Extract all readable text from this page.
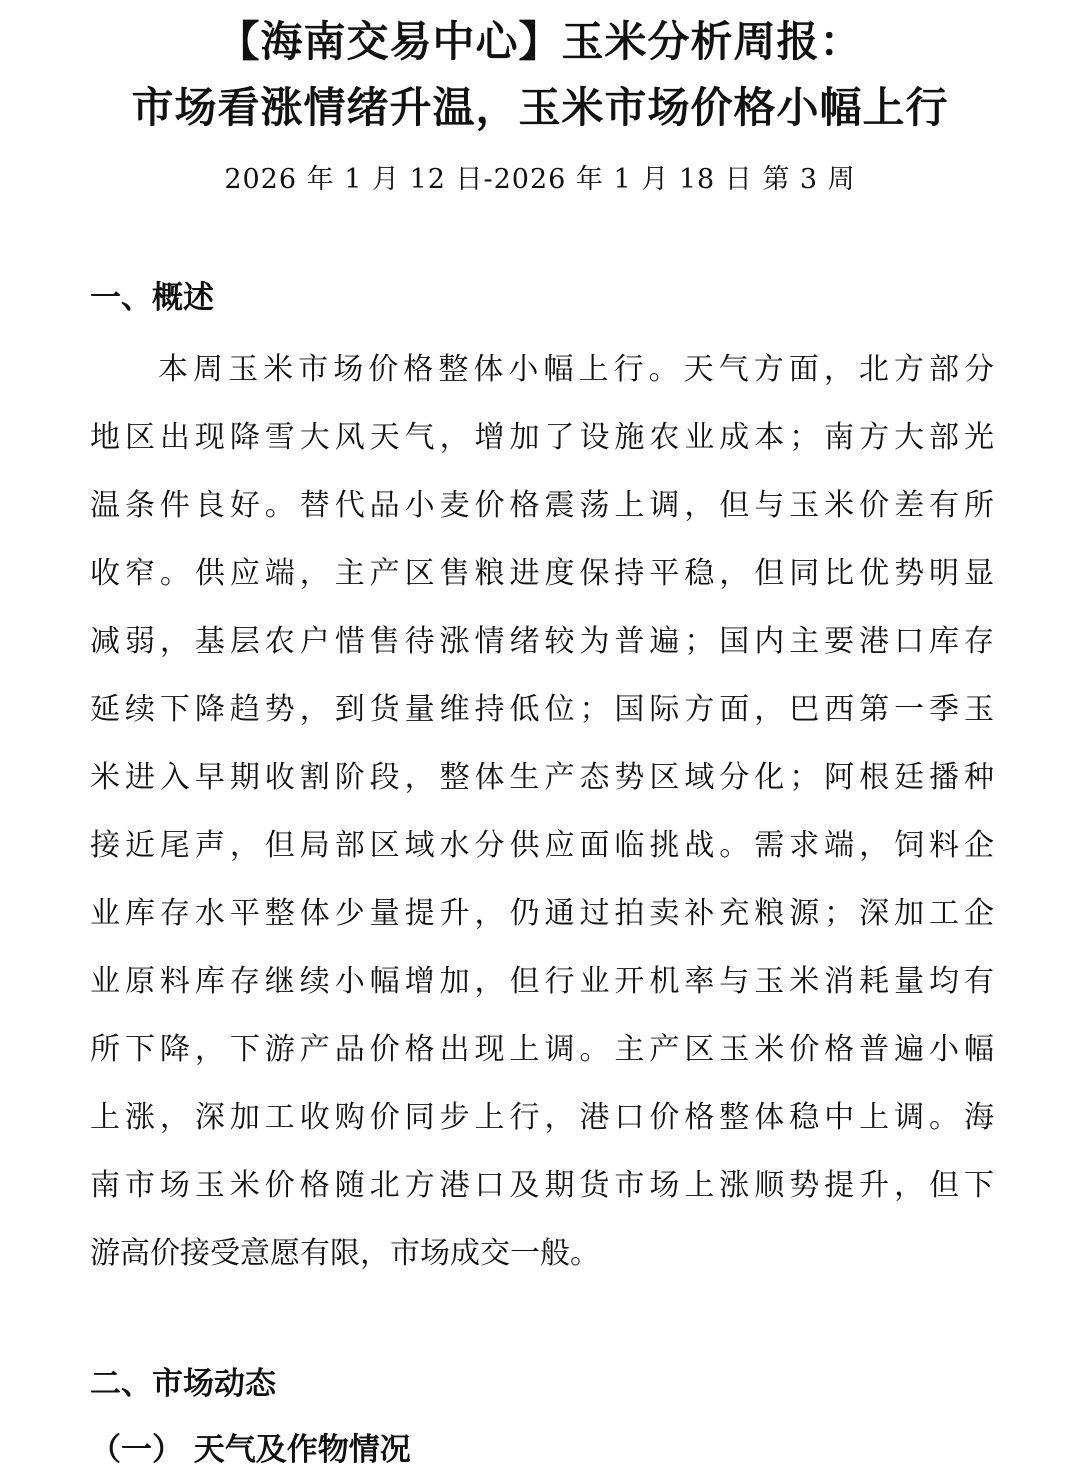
【海南交易中心】玉米分析周报：
市场看涨情绪升温，玉米市场价格小幅上行
2026 年 1 月 12 日-2026 年 1 月 18 日 第 3 周
一、概述
本周玉米市场价格整体小幅上行。天气方面，北方部分
地区出现降雪大风天气，增加了设施农业成本；南方大部光
温条件良好。替代品小麦价格震荡上调，但与玉米价差有所
收窄。供应端，主产区售粮进度保持平稳，但同比优势明显
减弱，基层农户惜售待涨情绪较为普遍；国内主要港口库存
延续下降趋势，到货量维持低位；国际方面，巴西第一季玉
米进入早期收割阶段，整体生产态势区域分化；阿根廷播种
接近尾声，但局部区域水分供应面临挑战。需求端，饲料企
业库存水平整体少量提升，仍通过拍卖补充粮源；深加工企
业原料库存继续小幅增加，但行业开机率与玉米消耗量均有
所下降，下游产品价格出现上调。主产区玉米价格普遍小幅
上涨，深加工收购价同步上行，港口价格整体稳中上调。海
南市场玉米价格随北方港口及期货市场上涨顺势提升，但下
游高价接受意愿有限，市场成交一般。
二、市场动态
（一） 天气及作物情况
